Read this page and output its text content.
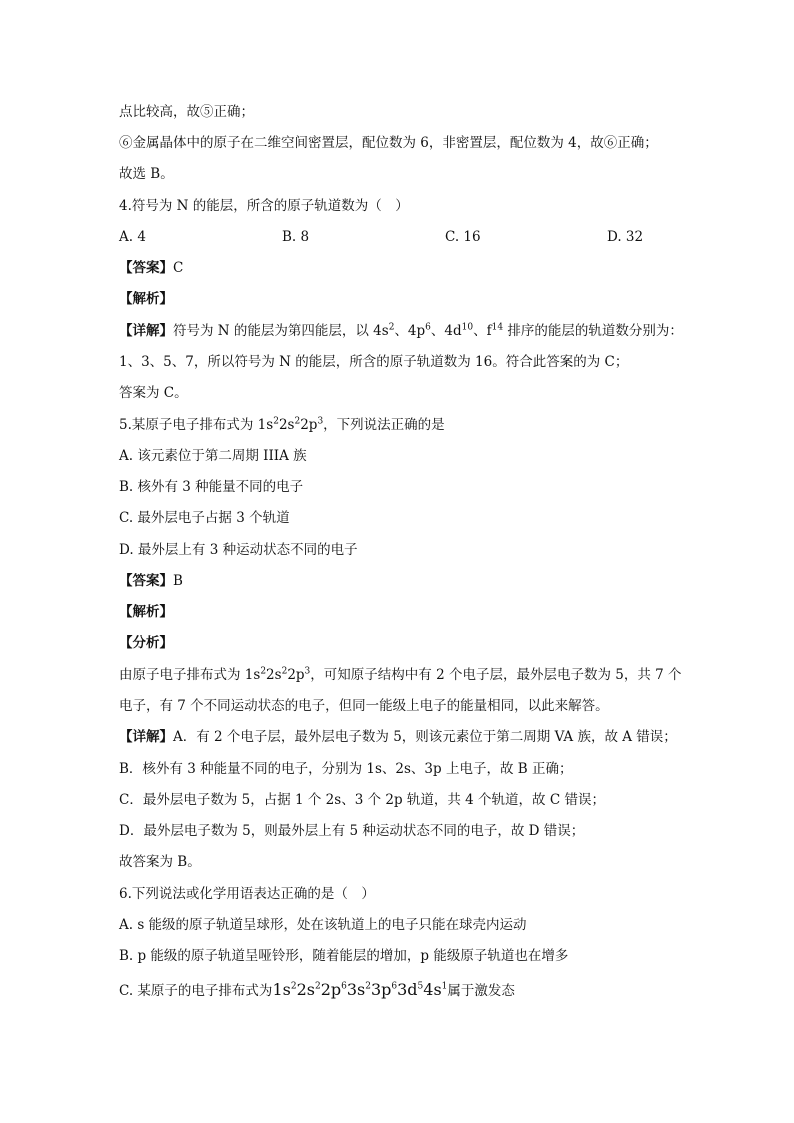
点比较高，故⑤正确；
⑥金属晶体中的原子在二维空间密置层，配位数为 6，非密置层，配位数为 4，故⑥正确；
故选 B。
4.符号为 N 的能层，所含的原子轨道数为（　）
A. 4	B. 8	C. 16	D. 32
【答案】C
【解析】
【详解】符号为 N 的能层为第四能层，以 $4s^2$、$4p^6$、$4d^{10}$、$f^{14}$ 排序的能层的轨道数分别为：
1、3、5、7，所以符号为 N 的能层，所含的原子轨道数为 16。符合此答案的为 C；
答案为 C。
5.某原子电子排布式为 $1s^22s^22p^3$，下列说法正确的是
A. 该元素位于第二周期 IIIA 族
B. 核外有 3 种能量不同的电子
C. 最外层电子占据 3 个轨道
D. 最外层上有 3 种运动状态不同的电子
【答案】B
【解析】
【分析】
由原子电子排布式为 $1s^22s^22p^3$，可知原子结构中有 2 个电子层，最外层电子数为 5，共 7 个
电子，有 7 个不同运动状态的电子，但同一能级上电子的能量相同，以此来解答。
【详解】A．有 2 个电子层，最外层电子数为 5，则该元素位于第二周期 VA 族，故 A 错误；
B．核外有 3 种能量不同的电子，分别为 1s、2s、3p 上电子，故 B 正确；
C．最外层电子数为 5，占据 1 个 2s、3 个 2p 轨道，共 4 个轨道，故 C 错误；
D．最外层电子数为 5，则最外层上有 5 种运动状态不同的电子，故 D 错误；
故答案为 B。
6.下列说法或化学用语表达正确的是（　）
A. s 能级的原子轨道呈球形，处在该轨道上的电子只能在球壳内运动
B. p 能级的原子轨道呈哑铃形，随着能层的增加，p 能级原子轨道也在增多
C. 某原子的电子排布式为$1s^22s^22p^63s^23p^63d^54s^1$属于激发态
